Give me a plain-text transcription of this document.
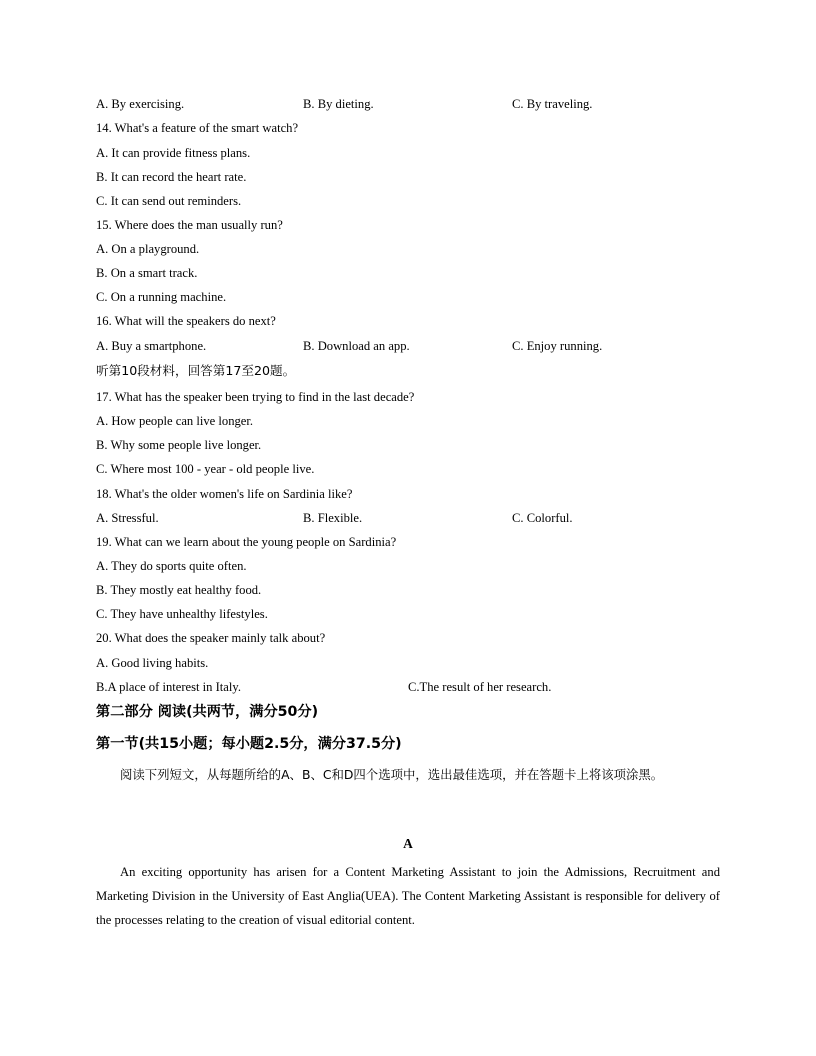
A. By exercising.	B. By dieting.	C. By traveling.
14. What's a feature of the smart watch?
A. It can provide fitness plans.
B. It can record the heart rate.
C. It can send out reminders.
15. Where does the man usually run?
A. On a playground.
B. On a smart track.
C. On a running machine.
16. What will the speakers do next?
A. Buy a smartphone.	B. Download an app.	C. Enjoy running.
听第10段材料，回答第17至20题。
17. What has the speaker been trying to find in the last decade?
A. How people can live longer.
B. Why some people live longer.
C. Where most 100 - year - old people live.
18. What's the older women's life on Sardinia like?
A. Stressful.	B. Flexible.	C. Colorful.
19. What can we learn about the young people on Sardinia?
A. They do sports quite often.
B. They mostly eat healthy food.
C. They have unhealthy lifestyles.
20. What does the speaker mainly talk about?
A. Good living habits.
B.A place of interest in Italy.	C.The result of her research.
第二部分 阅读(共两节，满分50分)
第一节(共15小题；每小题2.5分，满分37.5分)
阅读下列短文，从每题所给的A、B、C和D四个选项中，选出最佳选项，并在答题卡上将该项涂黑。
A
An exciting opportunity has arisen for a Content Marketing Assistant to join the Admissions, Recruitment and Marketing Division in the University of East Anglia(UEA). The Content Marketing Assistant is responsible for delivery of the processes relating to the creation of visual editorial content.
